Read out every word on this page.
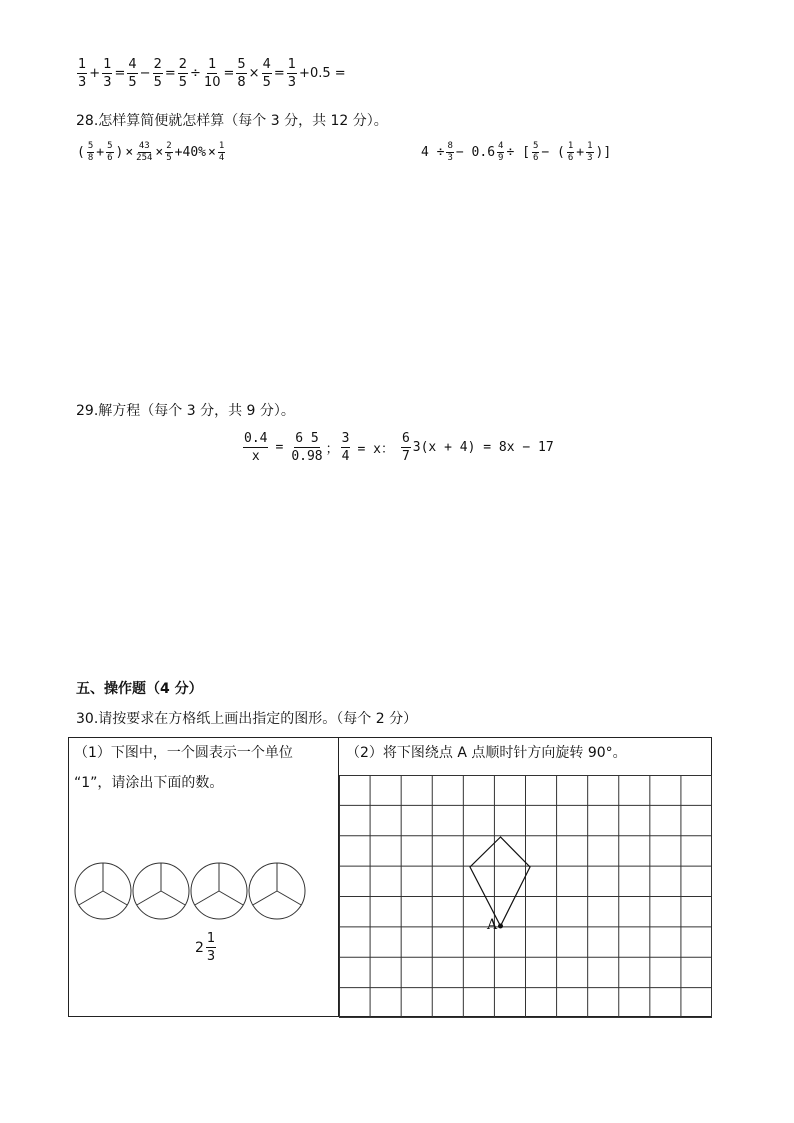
$\frac{1}{3} + \frac{1}{3} = \frac{4}{5} - \frac{2}{5} = \frac{2}{5} \div \frac{1}{10} = \frac{5}{8} \times \frac{4}{5} = \frac{1}{3} +0.5$ =
28.怎样算简便就怎样算（每个 3 分，共 12 分）。
( $\frac{5}{8} + \frac{5}{6}$ )× $\frac{43}{254} \times \frac{2}{5} +40\%\times \frac{1}{4}$	$4 \div \frac{8}{3} - 0.6 \frac{4}{9}$ ÷ [ $\frac{5}{6}$ − ( $\frac{1}{6} + \frac{1}{3}$ )]
29.解方程（每个 3 分，共 9 分）。
$\frac{0.4}{x} = \frac{6 5}{0.98}$ ； $\frac{3}{4} = x$： $\frac{6}{7} 3(x + 4) = 8x - 17$
五、操作题（4 分）
30.请按要求在方格纸上画出指定的图形。（每个 2 分）
（1）下图中，一个圆表示一个单位
“1”，请涂出下面的数。
$2 \frac{1}{3}$
（2）将下图绕点 A 点顺时针方向旋转 90°。
A
